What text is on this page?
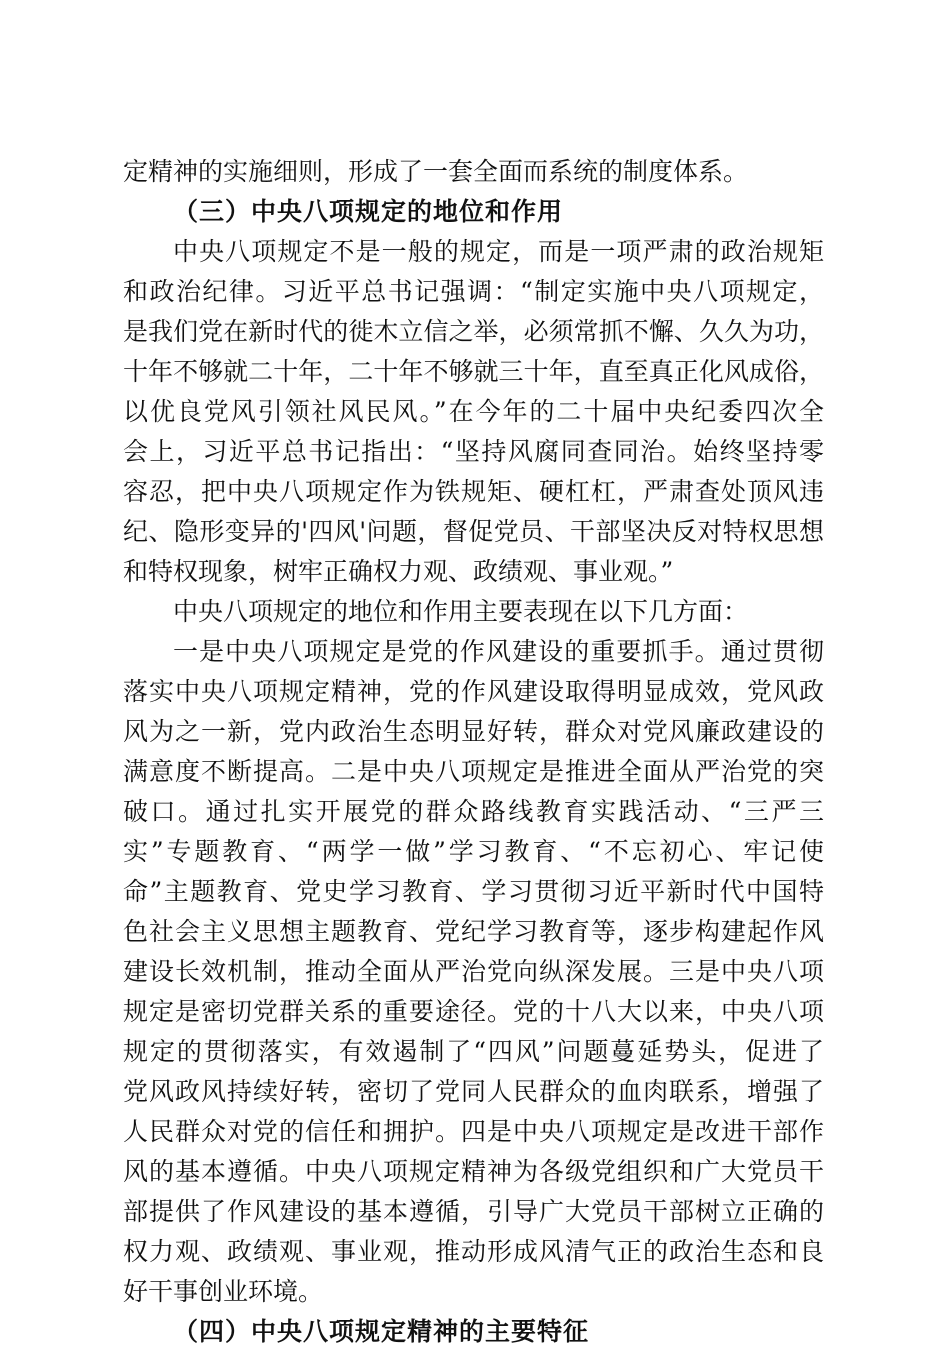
定精神的实施细则，形成了一套全面而系统的制度体系。
（三）中央八项规定的地位和作用
中央八项规定不是一般的规定，而是一项严肃的政治规矩
和政治纪律。习近平总书记强调：“制定实施中央八项规定，
是我们党在新时代的徙木立信之举，必须常抓不懈、久久为功，
十年不够就二十年，二十年不够就三十年，直至真正化风成俗，
以优良党风引领社风民风。”在今年的二十届中央纪委四次全
会上，习近平总书记指出：“坚持风腐同查同治。始终坚持零
容忍，把中央八项规定作为铁规矩、硬杠杠，严肃查处顶风违
纪、隐形变异的'四风'问题，督促党员、干部坚决反对特权思想
和特权现象，树牢正确权力观、政绩观、事业观。”
中央八项规定的地位和作用主要表现在以下几方面：
一是中央八项规定是党的作风建设的重要抓手。通过贯彻
落实中央八项规定精神，党的作风建设取得明显成效，党风政
风为之一新，党内政治生态明显好转，群众对党风廉政建设的
满意度不断提高。二是中央八项规定是推进全面从严治党的突
破口。通过扎实开展党的群众路线教育实践活动、“三严三
实”专题教育、“两学一做”学习教育、“不忘初心、牢记使
命”主题教育、党史学习教育、学习贯彻习近平新时代中国特
色社会主义思想主题教育、党纪学习教育等，逐步构建起作风
建设长效机制，推动全面从严治党向纵深发展。三是中央八项
规定是密切党群关系的重要途径。党的十八大以来，中央八项
规定的贯彻落实，有效遏制了“四风”问题蔓延势头，促进了
党风政风持续好转，密切了党同人民群众的血肉联系，增强了
人民群众对党的信任和拥护。四是中央八项规定是改进干部作
风的基本遵循。中央八项规定精神为各级党组织和广大党员干
部提供了作风建设的基本遵循，引导广大党员干部树立正确的
权力观、政绩观、事业观，推动形成风清气正的政治生态和良
好干事创业环境。
（四）中央八项规定精神的主要特征
